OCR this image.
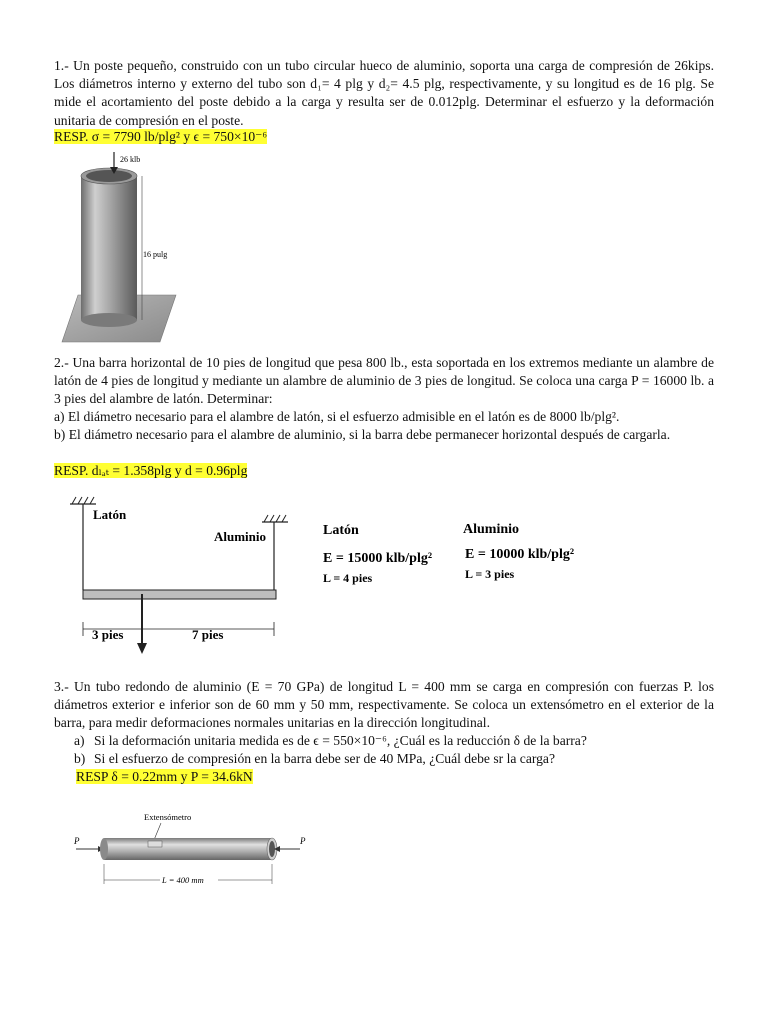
1.- Un poste pequeño, construido con un tubo circular hueco de aluminio, soporta una carga de compresión de 26kips. Los diámetros interno y externo del tubo son d₁= 4 plg y d₂= 4.5 plg, respectivamente, y su longitud es de 16 plg. Se mide el acortamiento del poste debido a la carga y resulta ser de 0.012plg. Determinar el esfuerzo y la deformación unitaria de compresión en el poste.
RESP. σ = 7790 lb/plg² y ϵ = 750×10⁻⁶
26 klb
16 pulg
2.- Una barra horizontal de 10 pies de longitud que pesa 800 lb., esta soportada en los extremos mediante un alambre de latón de 4 pies de longitud y mediante un alambre de aluminio de 3 pies de longitud. Se coloca una carga P = 16000 lb. a 3 pies del alambre de latón. Determinar:
a) El diámetro necesario para el alambre de latón, si el esfuerzo admisible en el latón es de 8000 lb/plg².
b) El diámetro necesario para el alambre de aluminio, si la barra debe permanecer horizontal después de cargarla.
RESP. dₗₐₜ = 1.358plg y d = 0.96plg
Latón
Aluminio
3 pies	7 pies
Latón
E = 15000 klb/plg²
L = 4 pies
Aluminio
E = 10000 klb/plg²
L = 3 pies
3.- Un tubo redondo de aluminio (E = 70 GPa) de longitud L = 400 mm se carga en compresión con fuerzas P. los diámetros exterior e inferior son de 60 mm y 50 mm, respectivamente. Se coloca un extensómetro en el exterior de la barra, para medir deformaciones normales unitarias en la dirección longitudinal.
a) Si la deformación unitaria medida es de ϵ = 550×10⁻⁶, ¿Cuál es la reducción δ de la barra?
b) Si el esfuerzo de compresión en la barra debe ser de 40 MPa, ¿Cuál debe sr la carga?
RESP δ = 0.22mm y P = 34.6kN
Extensómetro
P	P
L = 400 mm
